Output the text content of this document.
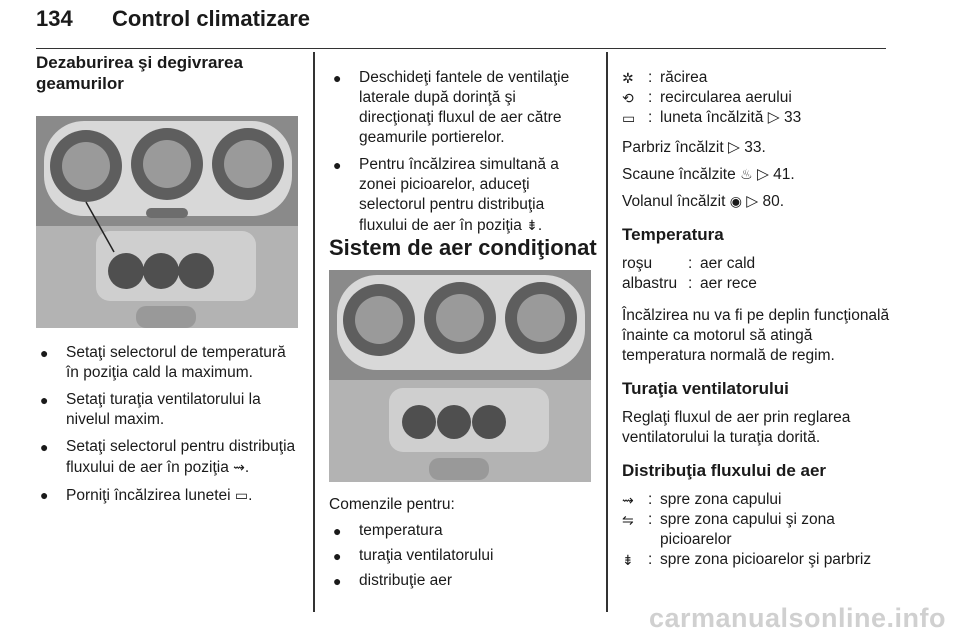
134 Control climatizare
Dezaburirea şi degivrarea geamurilor
● Setaţi selectorul de temperatură în poziţia cald la maximum.
● Setaţi turaţia ventilatorului la nivelul maxim.
● Setaţi selectorul pentru distribuţia fluxului de aer în poziţia ⇝.
● Porniţi încălzirea lunetei ▭.
● Deschideţi fantele de ventilaţie laterale după dorinţă şi direcţionaţi fluxul de aer către geamurile portierelor.
● Pentru încălzirea simultană a zonei picioarelor, aduceţi selectorul pentru distribuţia fluxului de aer în poziţia ⇟.
Sistem de aer condiţionat

Comenzile pentru:

● temperatura
● turaţia ventilatorului
● distribuţie aer
✲ : răcirea
⟲ : recircularea aerului
▭ : luneta încălzită
▷
33

Parbriz încălzit ▷ 33.

Scaune încălzite ♨ ▷ 41.

Volanul încălzit ◉ ▷ 80.

Temperatura
roşu	: aer cald
albastru : aer rece

Încălzirea nu va fi pe deplin funcţională înainte ca motorul să atingă temperatura normală de regim.

Turaţia ventilatorului

Reglaţi fluxul de aer prin reglarea ventilatorului la turaţia dorită.

Distribuţia fluxului de aer
⇝ : spre zona capului
⇋ : spre zona capului şi zona picioarelor
⇟ : spre zona picioarelor şi parbriz
carmanualsonline.info
